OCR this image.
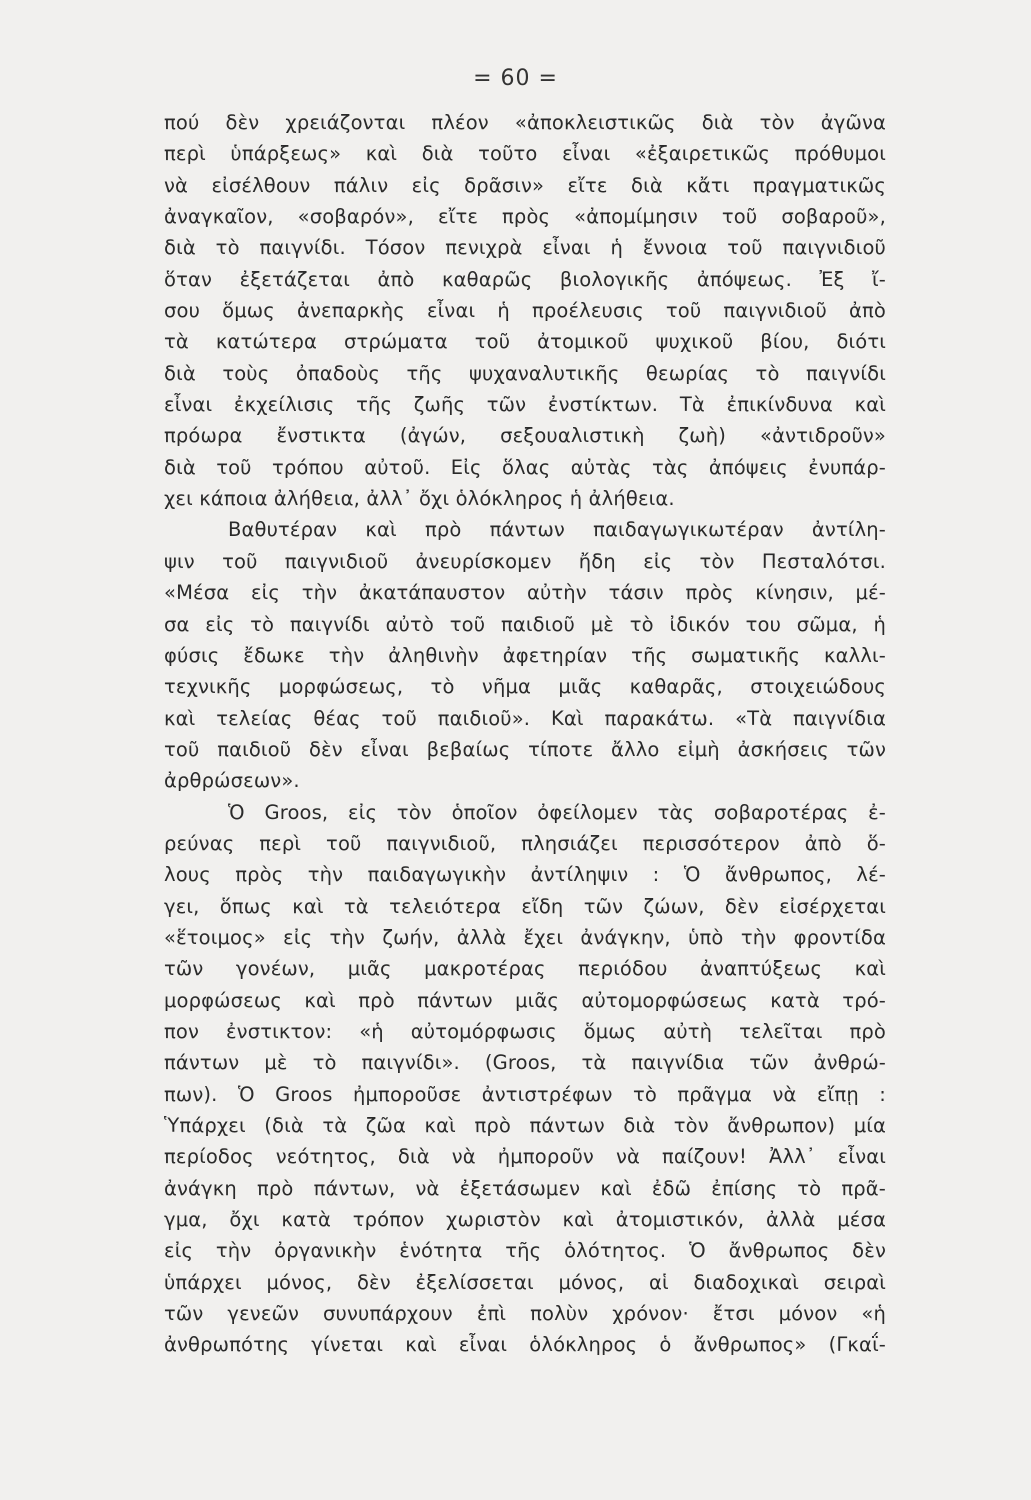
= 60 =
πού δὲν χρειάζονται πλέον «ἀποκλειστικῶς διὰ τὸν ἀγῶνα
περὶ ὑπάρξεως» καὶ διὰ τοῦτο εἶναι «ἐξαιρετικῶς πρόθυμοι
νὰ εἰσέλθουν πάλιν εἰς δρᾶσιν» εἴτε διὰ κἄτι πραγματικῶς
ἀναγκαῖον, «σοβαρόν», εἴτε πρὸς «ἀπομίμησιν τοῦ σοβαροῦ»,
διὰ τὸ παιγνίδι. Τόσον πενιχρὰ εἶναι ἡ ἔννοια τοῦ παιγνιδιοῦ
ὅταν ἐξετάζεται ἀπὸ καθαρῶς βιολογικῆς ἀπόψεως. Ἐξ ἴ-
σου ὅμως ἀνεπαρκὴς εἶναι ἡ προέλευσις τοῦ παιγνιδιοῦ ἀπὸ
τὰ κατώτερα στρώματα τοῦ ἀτομικοῦ ψυχικοῦ βίου, διότι
διὰ τοὺς ὀπαδοὺς τῆς ψυχαναλυτικῆς θεωρίας τὸ παιγνίδι
εἶναι ἐκχείλισις τῆς ζωῆς τῶν ἐνστίκτων. Τὰ ἐπικίνδυνα καὶ
πρόωρα ἔνστικτα (ἀγών, σεξουαλιστικὴ ζωὴ) «ἀντιδροῦν»
διὰ τοῦ τρόπου αὐτοῦ. Εἰς ὅλας αὐτὰς τὰς ἀπόψεις ἐνυπάρ-
χει κάποια ἀλήθεια, ἀλλ᾽ ὄχι ὁλόκληρος ἡ ἀλήθεια.
Βαθυτέραν καὶ πρὸ πάντων παιδαγωγικωτέραν ἀντίλη-
ψιν τοῦ παιγνιδιοῦ ἀνευρίσκομεν ἤδη εἰς τὸν Πεσταλότσι.
«Μέσα εἰς τὴν ἀκατάπαυστον αὐτὴν τάσιν πρὸς κίνησιν, μέ-
σα εἰς τὸ παιγνίδι αὐτὸ τοῦ παιδιοῦ μὲ τὸ ἰδικόν του σῶμα, ἡ
φύσις ἔδωκε τὴν ἀληθινὴν ἀφετηρίαν τῆς σωματικῆς καλλι-
τεχνικῆς μορφώσεως, τὸ νῆμα μιᾶς καθαρᾶς, στοιχειώδους
καὶ τελείας θέας τοῦ παιδιοῦ». Καὶ παρακάτω. «Τὰ παιγνίδια
τοῦ παιδιοῦ δὲν εἶναι βεβαίως τίποτε ἄλλο εἰμὴ ἀσκήσεις τῶν
ἀρθρώσεων».
Ὁ Groos, εἰς τὸν ὁποῖον ὀφείλομεν τὰς σοβαροτέρας ἐ-
ρεύνας περὶ τοῦ παιγνιδιοῦ, πλησιάζει περισσότερον ἀπὸ ὅ-
λους πρὸς τὴν παιδαγωγικὴν ἀντίληψιν : Ὁ ἄνθρωπος, λέ-
γει, ὅπως καὶ τὰ τελειότερα εἴδη τῶν ζώων, δὲν εἰσέρχεται
«ἕτοιμος» εἰς τὴν ζωήν, ἀλλὰ ἔχει ἀνάγκην, ὑπὸ τὴν φροντίδα
τῶν γονέων, μιᾶς μακροτέρας περιόδου ἀναπτύξεως καὶ
μορφώσεως καὶ πρὸ πάντων μιᾶς αὐτομορφώσεως κατὰ τρό-
πον ἐνστικτον: «ἡ αὐτομόρφωσις ὅμως αὐτὴ τελεῖται πρὸ
πάντων μὲ τὸ παιγνίδι». (Groos, τὰ παιγνίδια τῶν ἀνθρώ-
πων). Ὁ Groos ἠμποροῦσε ἀντιστρέφων τὸ πρᾶγμα νὰ εἴπῃ :
Ὑπάρχει (διὰ τὰ ζῶα καὶ πρὸ πάντων διὰ τὸν ἄνθρωπον) μία
περίοδος νεότητος, διὰ νὰ ἠμποροῦν νὰ παίζουν! Ἀλλ᾽ εἶναι
ἀνάγκη πρὸ πάντων, νὰ ἐξετάσωμεν καὶ ἐδῶ ἐπίσης τὸ πρᾶ-
γμα, ὄχι κατὰ τρόπον χωριστὸν καὶ ἀτομιστικόν, ἀλλὰ μέσα
εἰς τὴν ὀργανικὴν ἑνότητα τῆς ὁλότητος. Ὁ ἄνθρωπος δὲν
ὑπάρχει μόνος, δὲν ἐξελίσσεται μόνος, αἱ διαδοχικαὶ σειραὶ
τῶν γενεῶν συνυπάρχουν ἐπὶ πολὺν χρόνον· ἔτσι μόνον «ἡ
ἀνθρωπότης γίνεται καὶ εἶναι ὁλόκληρος ὁ ἄνθρωπος» (Γκαΐ-
